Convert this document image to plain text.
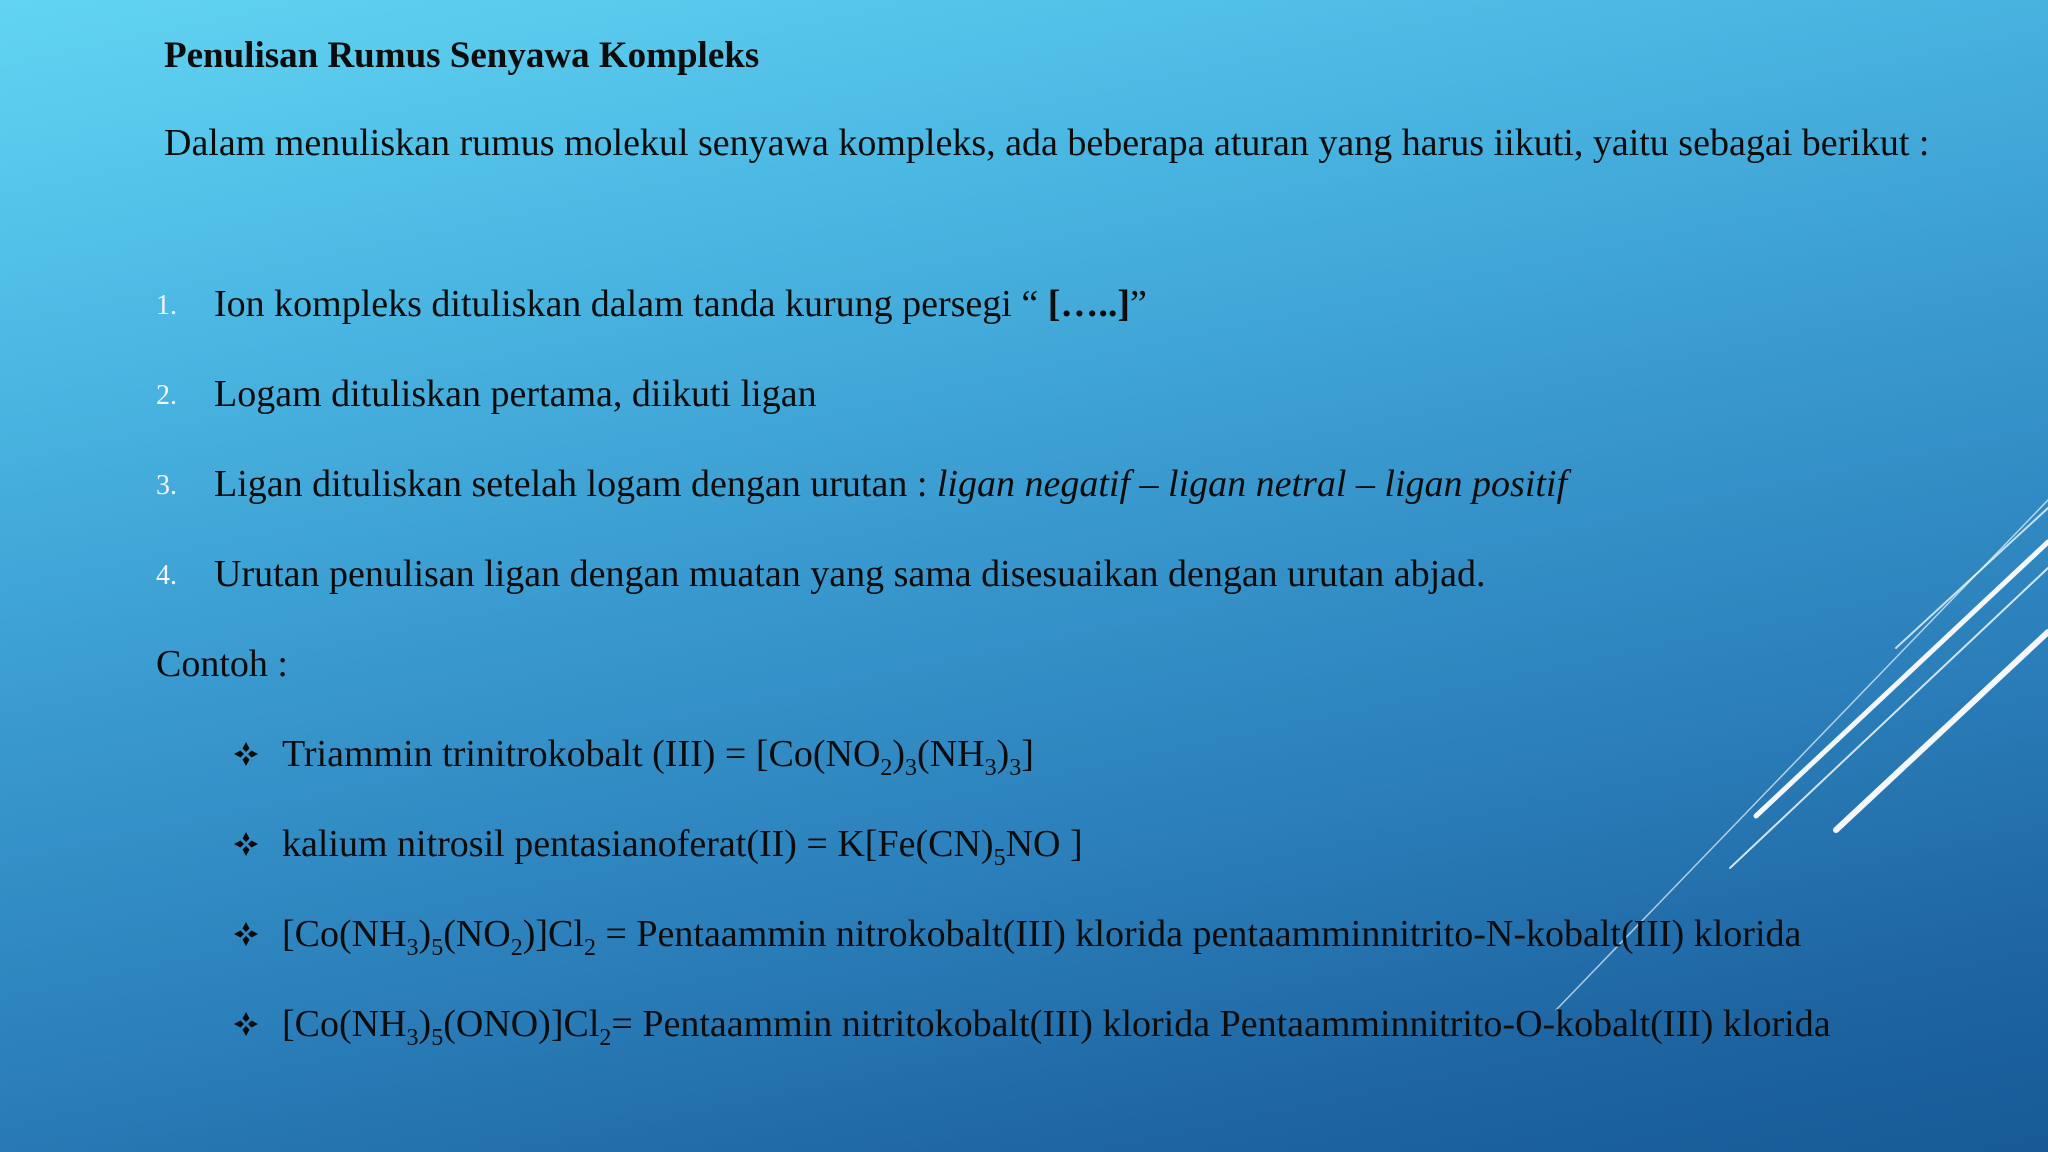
Penulisan Rumus Senyawa Kompleks
Dalam menuliskan rumus molekul senyawa kompleks, ada beberapa aturan yang harus iikuti, yaitu sebagai berikut :
1. Ion kompleks dituliskan dalam tanda kurung persegi “ […..]”
2. Logam dituliskan pertama, diikuti ligan
3. Ligan dituliskan setelah logam dengan urutan : ligan negatif – ligan netral – ligan positif
4. Urutan penulisan ligan dengan muatan yang sama disesuaikan dengan urutan abjad.
Contoh :
Triammin trinitrokobalt $(III) = [Co(NO_2)_3(NH_3)_3]$
kalium nitrosil pentasianoferat(II) = $K[Fe(CN)_5NO$ ]
$[Co(NH_3)_5(NO_2)]Cl_2$ = Pentaammin nitrokobalt(III) klorida pentaamminnitrito-N-kobalt(III) klorida
$[Co(NH_3)_5(ONO)]Cl_2=$ Pentaammin nitritokobalt(III) klorida Pentaamminnitrito-O-kobalt(III) klorida
